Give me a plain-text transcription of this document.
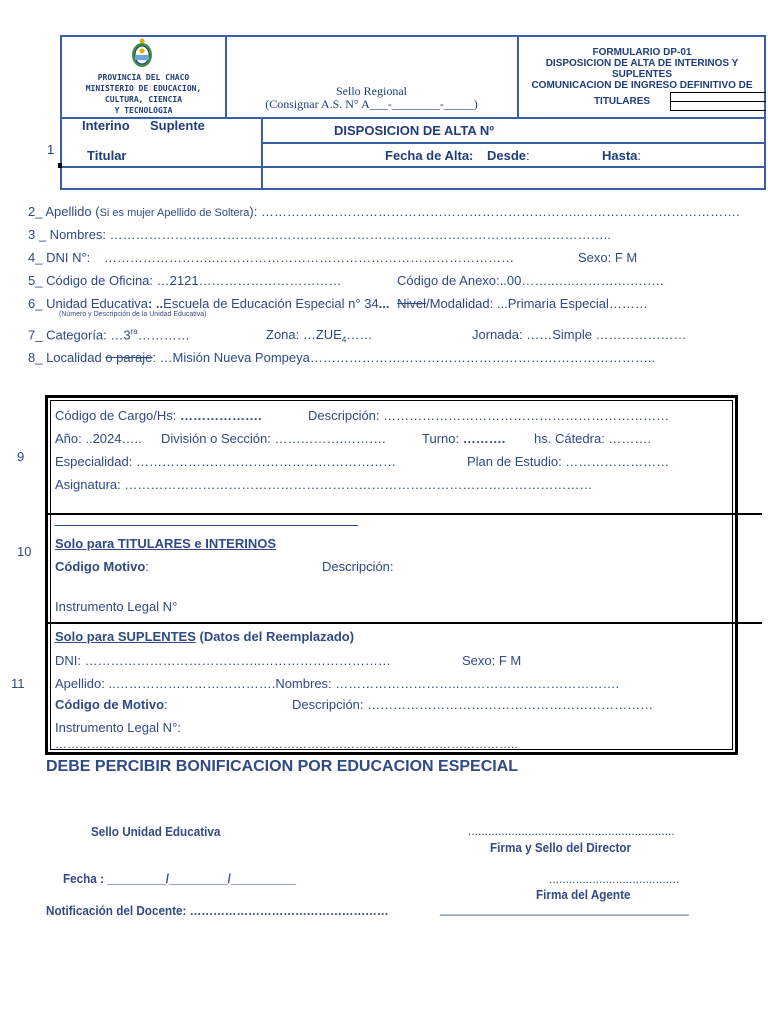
PROVINCIA DEL CHACO
MINISTERIO DE EDUCACION,
CULTURA, CIENCIA
Y TECNOLOGIA
Sello Regional
(Consignar A.S. N° A___-________-_____)
FORMULARIO DP-01
DISPOSICION DE ALTA DE INTERINOS Y
SUPLENTES
COMUNICACION DE INGRESO DEFINITIVO DE
TITULARES
Interino Suplente
1	Titular
DISPOSICION DE ALTA Nº
Fecha de Alta: Desde:	Hasta:
2_ Apellido (Si es mujer Apellido de Soltera): ………………………………………………………………..……………………………….
3 _ Nombres: ……………………………………………………………………………………………………..
4_ DNI N°: ……………………..……………………………………………………………	Sexo: F M
5_ Código de Oficina: …2121……………………………	Código de Anexo:..00……..…..……….….…….
6_ Unidad Educativa: ..Escuela de Educación Especial n° 34... Nivel/Modalidad: ...Primaria Especial………
(Número y Descripción de la Unidad Educativa)
7_ Categoría: $\dots 3^{ra}\dots\dots\dots\dots$	Zona: $\dots ZUE_4\dots\dots$	Jornada: ……Simple …………………
8_ Localidad o paraje: …Misión Nueva Pompeya……………………………………………………………………..
9
Código de Cargo/Hs: ……………….	Descripción: …………………………………………………………
Año: ..2024….. División o Sección: …………….……….	Turno: ………. hs. Cátedra: ……….
Especialidad: ……………………………………………………	Plan de Estudio: ……………………
Asignatura: ………………………………………………………………………………………………
10
Solo para TITULARES e INTERINOS
Código Motivo:	Descripción:
Instrumento Legal N°
11
Solo para SUPLENTES (Datos del Reemplazado)
DNI: …………………………………..…………………………	Sexo: F M
Apellido: ..……………………………….Nombres: ………………………..……………………………….
Código de Motivo:	Descripción: …………………………………………………………
Instrumento Legal N°:
……………………………………………………………………………………………………..
DEBE PERCIBIR BONIFICACION POR EDUCACION ESPECIAL
Sello Unidad Educativa	..............................................................
Firma y Sello del Director
Fecha : _________/_________/__________	.......................................
Firma del Agente
Notificación del Docente: ……………………………………………	________________________________________
